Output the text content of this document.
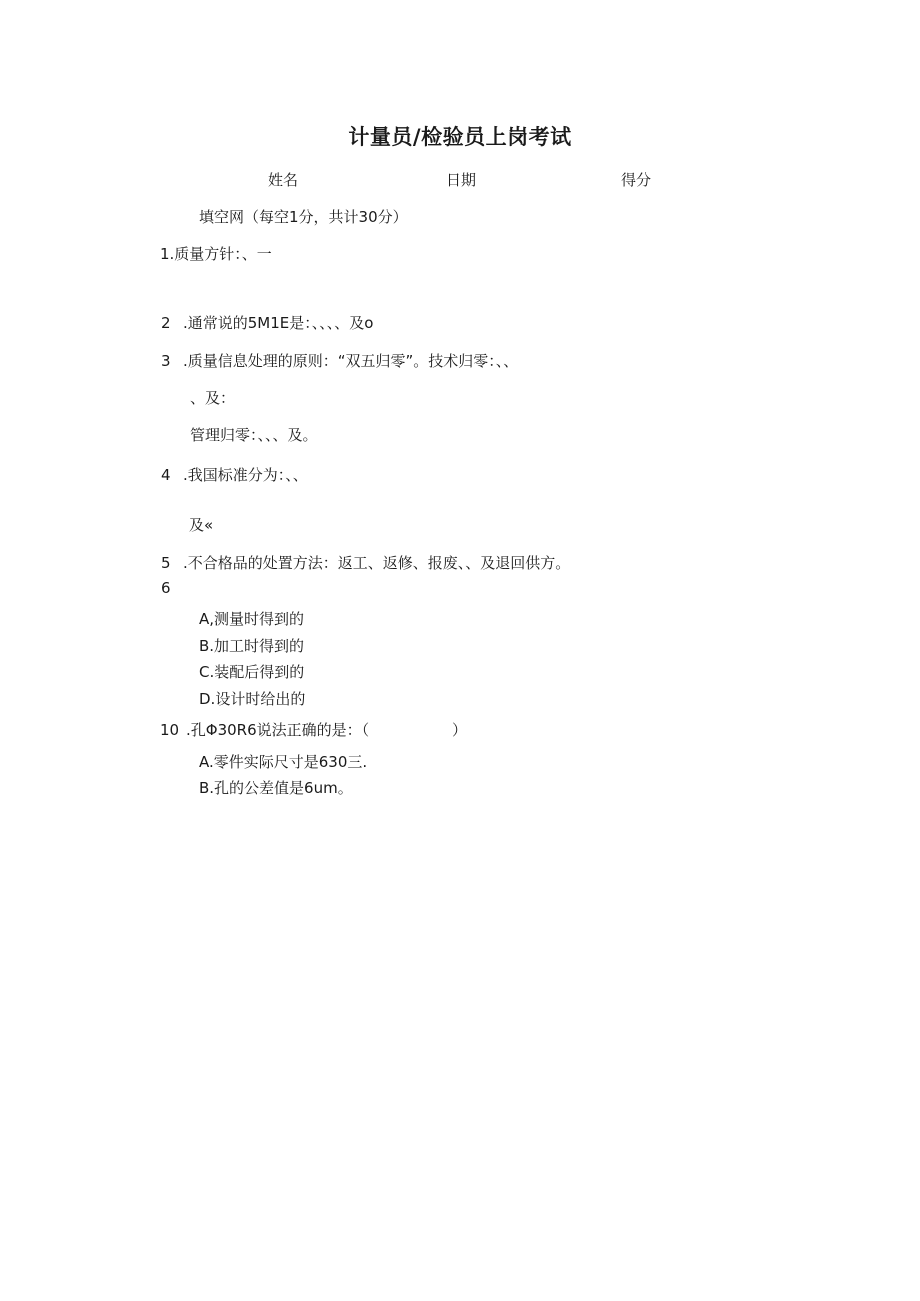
计量员/检验员上岗考试
姓名	日期	得分
填空网（每空1分，共计30分）
1.质量方针：、一
2 .通常说的5M1E是：、、、、及o
3 .质量信息处理的原则：“双五归零”。技术归零：、、
、及：
管理归零：、、、及。
4 .我国标准分为：、、
及«
5 .不合格品的处置方法：返工、返修、报废、、及退回供方。
6
A,测量时得到的
B.加工时得到的
C.装配后得到的
D.设计时给出的
10 .孔Φ30R6说法正确的是：（	）
A.零件实际尺寸是630三.
B.孔的公差值是6um。
